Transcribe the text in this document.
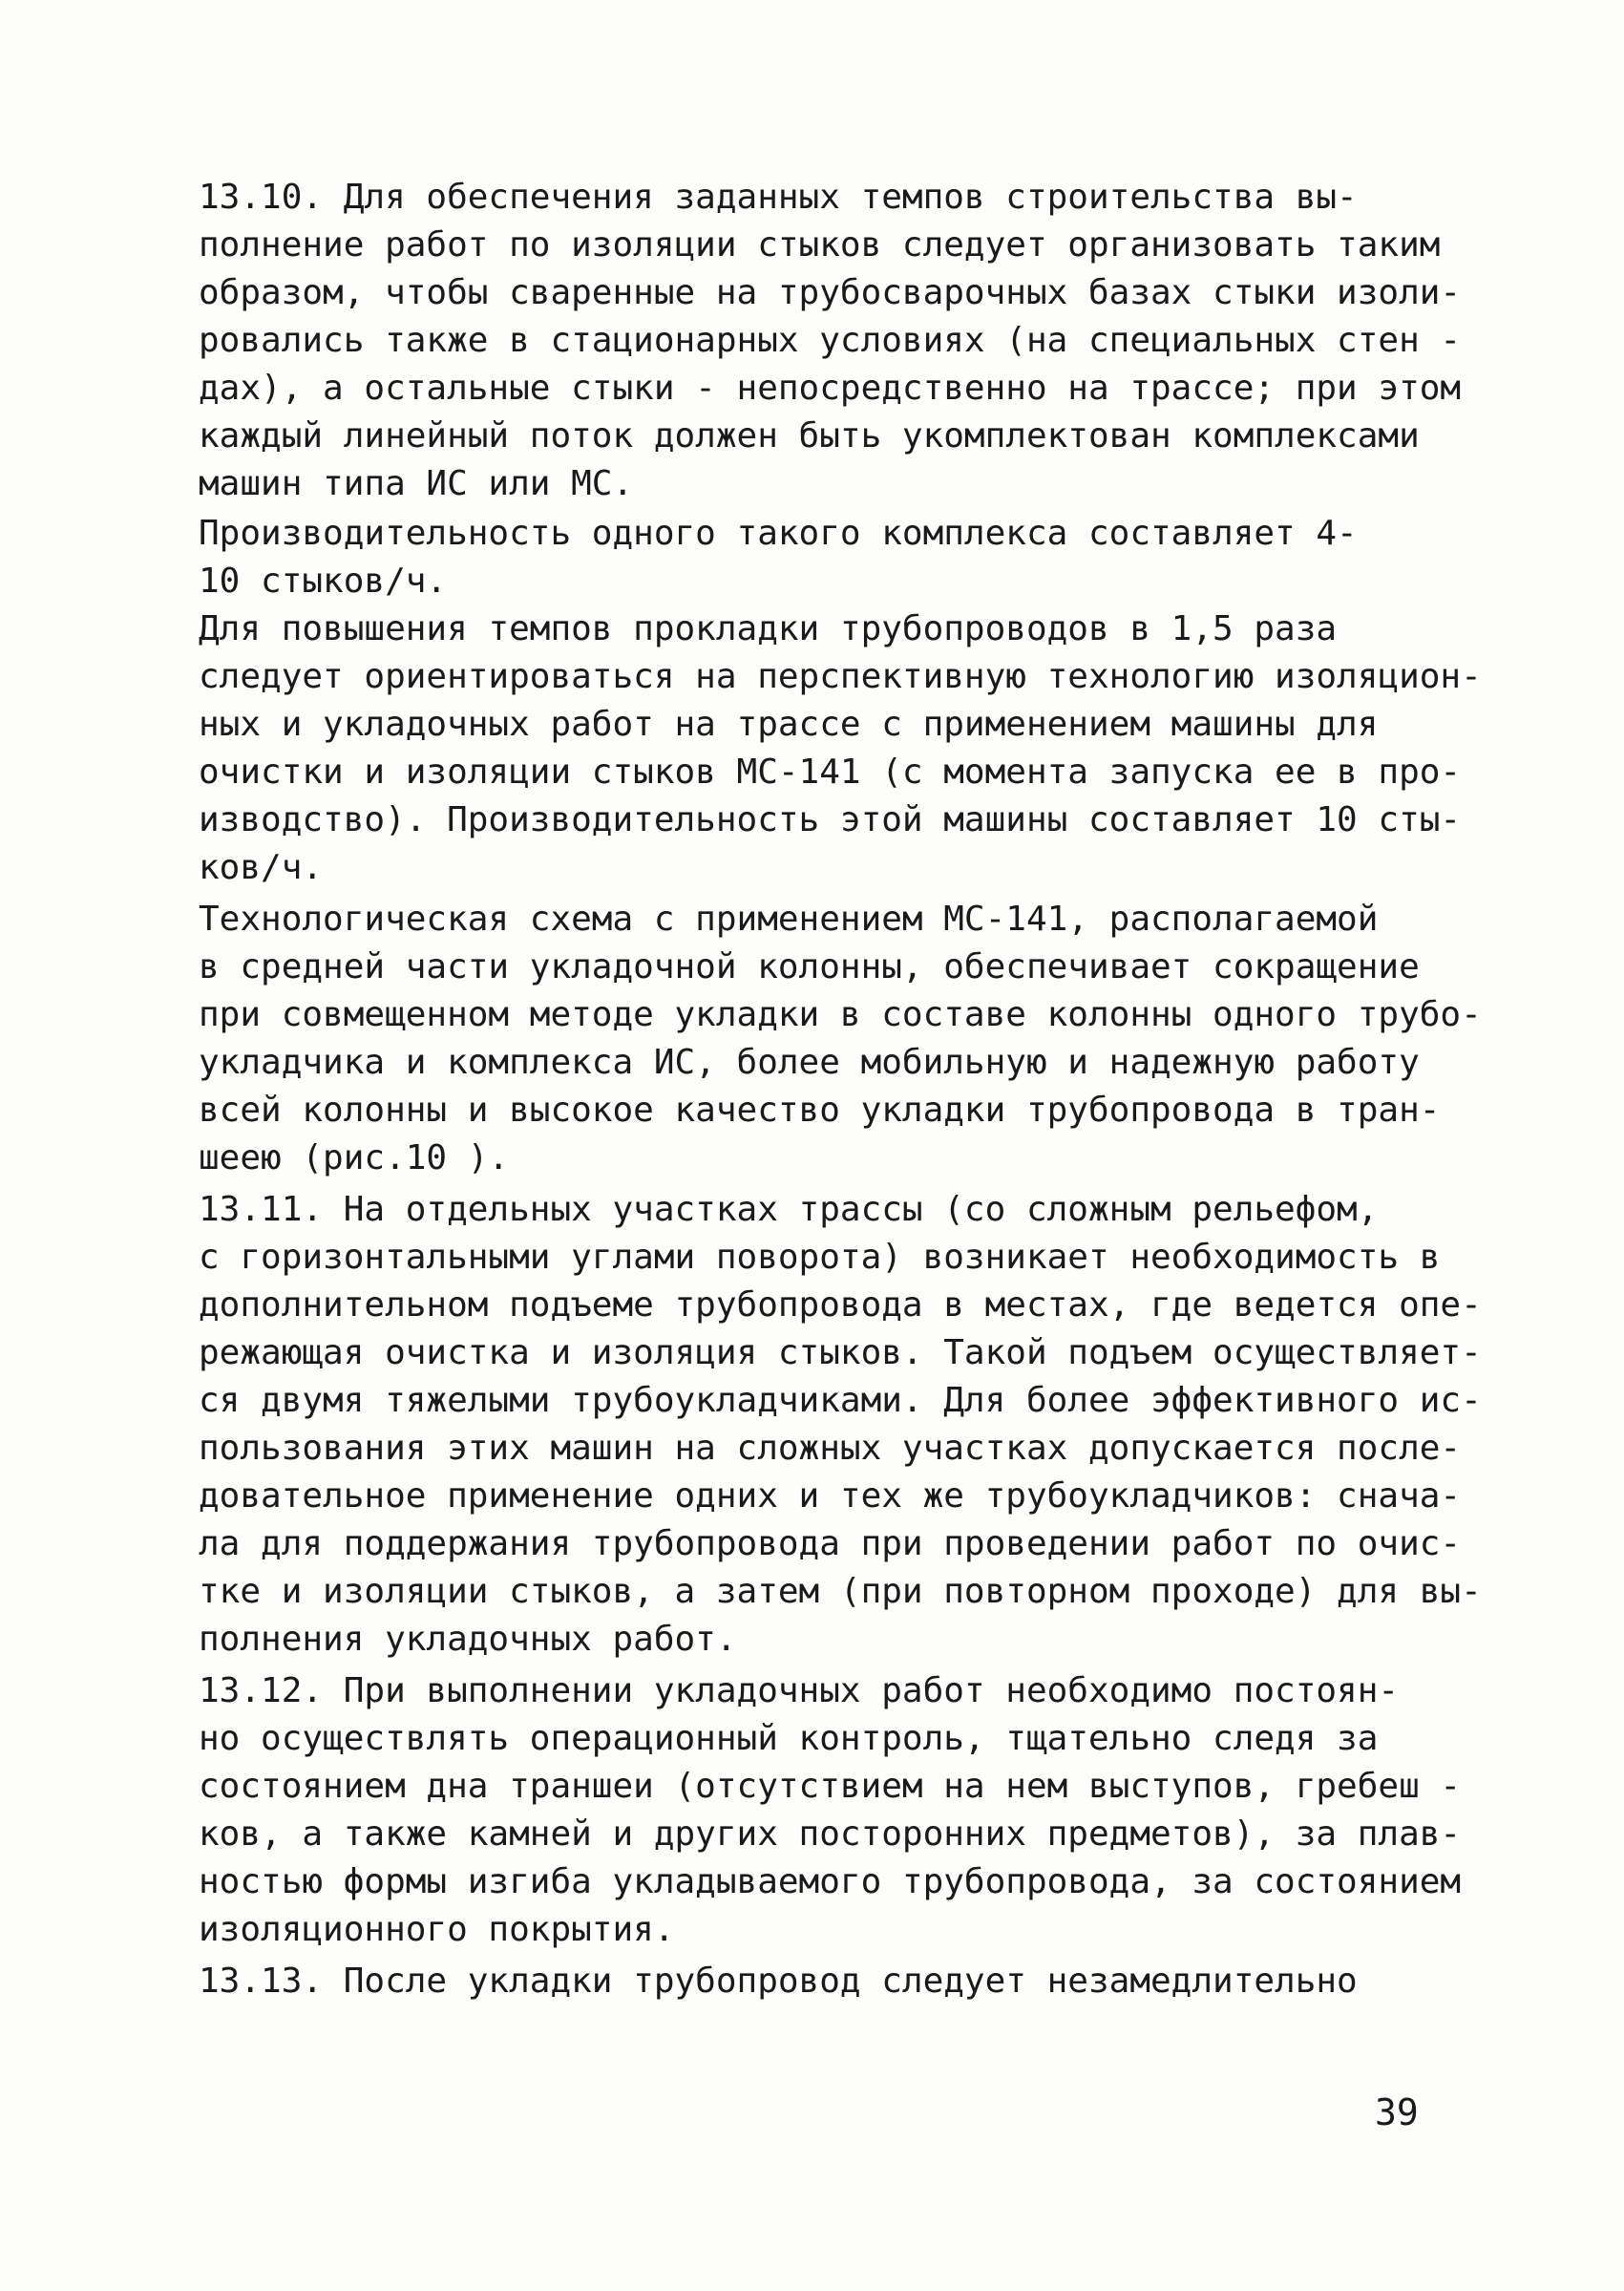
13.10. Для обеспечения заданных темпов строительства вы-
полнение работ по изоляции стыков следует организовать таким
образом, чтобы сваренные на трубосварочных базах стыки изоли-
ровались также в стационарных условиях (на специальных стен -
дах), а остальные стыки - непосредственно на трассе; при этом
каждый линейный поток должен быть укомплектован комплексами
машин типа ИС или МС.
Производительность одного такого комплекса составляет 4-
10 стыков/ч.
Для повышения темпов прокладки трубопроводов в 1,5 раза
следует ориентироваться на перспективную технологию изоляцион-
ных и укладочных работ на трассе с применением машины для
очистки и изоляции стыков МС-141 (с момента запуска ее в про-
изводство). Производительность этой машины составляет 10 сты-
ков/ч.
Технологическая схема с применением МС-141, располагаемой
в средней части укладочной колонны, обеспечивает сокращение
при совмещенном методе укладки в составе колонны одного трубо-
укладчика и комплекса ИС, более мобильную и надежную работу
всей колонны и высокое качество укладки трубопровода в тран-
шеею (рис.10 ).
13.11. На отдельных участках трассы (со сложным рельефом,
с горизонтальными углами поворота) возникает необходимость в
дополнительном подъеме трубопровода в местах, где ведется опе-
режающая очистка и изоляция стыков. Такой подъем осуществляет-
ся двумя тяжелыми трубоукладчиками. Для более эффективного ис-
пользования этих машин на сложных участках допускается после-
довательное применение одних и тех же трубоукладчиков: снача-
ла для поддержания трубопровода при проведении работ по очис-
тке и изоляции стыков, а затем (при повторном проходе) для вы-
полнения укладочных работ.
13.12. При выполнении укладочных работ необходимо постоян-
но осуществлять операционный контроль, тщательно следя за
состоянием дна траншеи (отсутствием на нем выступов, гребеш -
ков, а также камней и других посторонних предметов), за плав-
ностью формы изгиба укладываемого трубопровода, за состоянием
изоляционного покрытия.
13.13. После укладки трубопровод следует незамедлительно
39
